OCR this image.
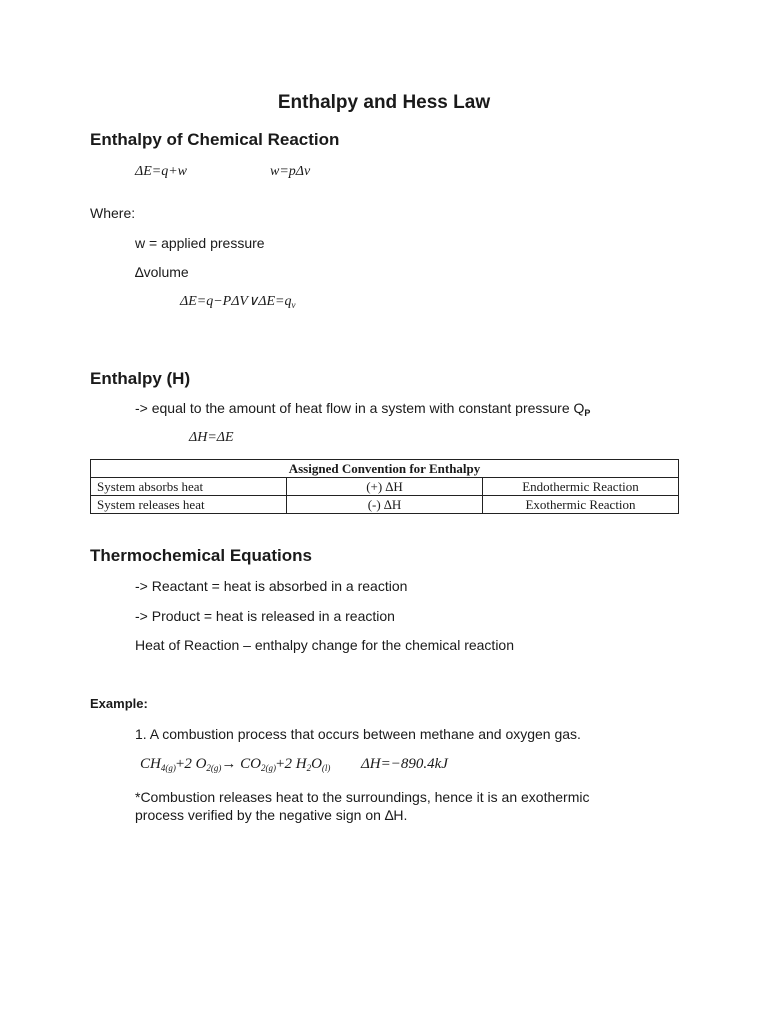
Enthalpy and Hess Law
Enthalpy of Chemical Reaction
ΔE=q+w	w=pΔv
Where:
w = applied pressure
∆volume
$\Delta E=q-P\Delta V\vee\Delta E=q_v$
Enthalpy (H)
-> equal to the amount of heat flow in a system with constant pressure $Q_P$
ΔH=ΔE
Assigned Convention for Enthalpy		
System absorbs heat	(+) ∆H	Endothermic Reaction
System releases heat	(-) ∆H	Exothermic Reaction
Thermochemical Equations
-> Reactant = heat is absorbed in a reaction
-> Product = heat is released in a reaction
Heat of Reaction – enthalpy change for the chemical reaction
Example:
1. A combustion process that occurs between methane and oxygen gas.
$CH_{4(g)}+2$ $O_{2(g)}\to CO_{2(g)}+2$ $H_2O_{(l)}$ ΔH=−890.4kJ
*Combustion releases heat to the surroundings, hence it is an exothermic
process verified by the negative sign on ∆H.
